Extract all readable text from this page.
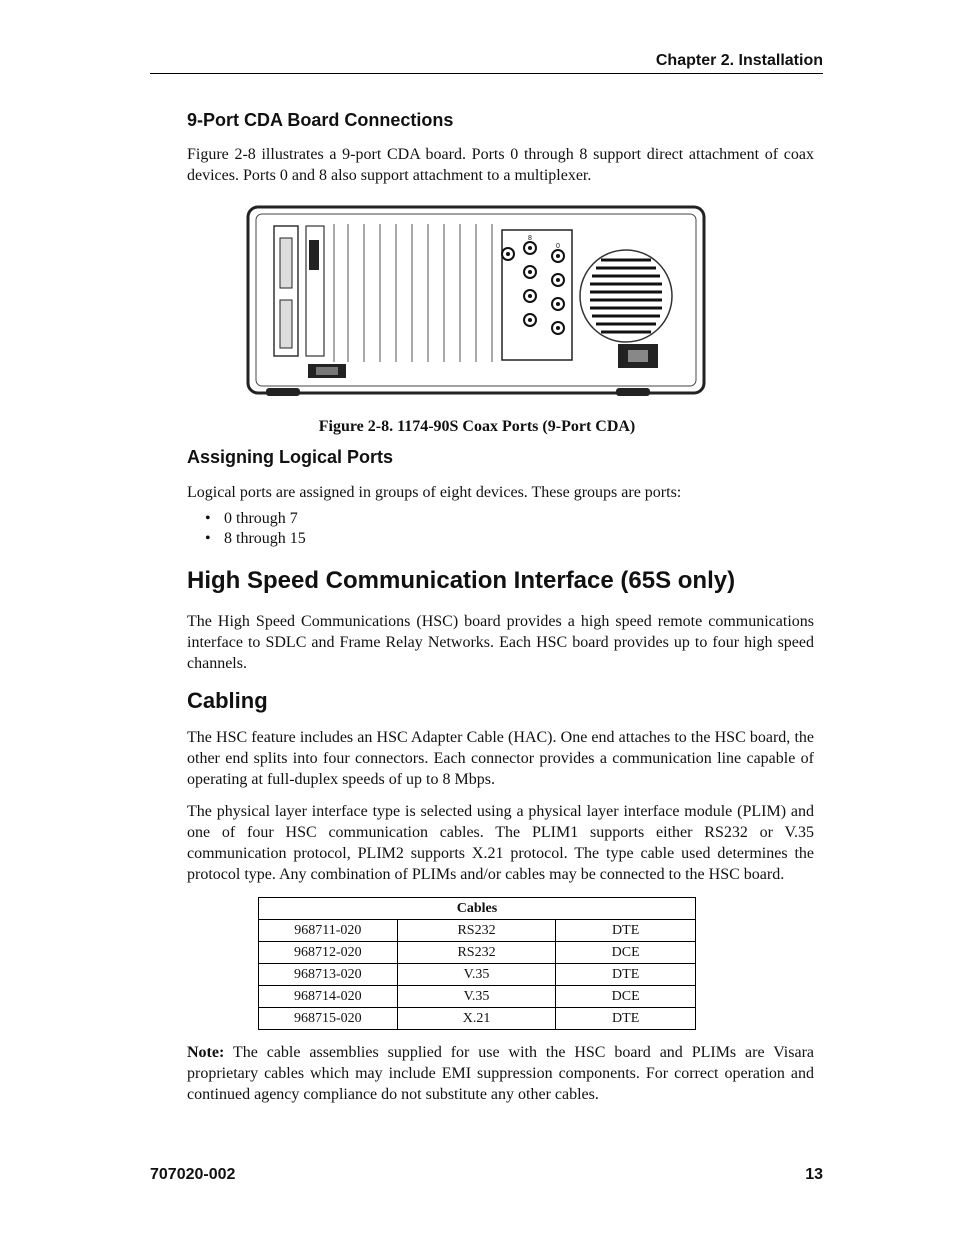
Chapter 2. Installation
9-Port CDA Board Connections
Figure 2-8 illustrates a 9-port CDA board. Ports 0 through 8 support direct attachment of coax devices. Ports 0 and 8 also support attachment to a multiplexer.
8
0
Figure 2-8. 1174-90S Coax Ports (9-Port CDA)
Assigning Logical Ports
Logical ports are assigned in groups of eight devices. These groups are ports:
• 0 through 7
• 8 through 15
High Speed Communication Interface (65S only)
The High Speed Communications (HSC) board provides a high speed remote communications interface to SDLC and Frame Relay Networks. Each HSC board provides up to four high speed channels.
Cabling
The HSC feature includes an HSC Adapter Cable (HAC). One end attaches to the HSC board, the other end splits into four connectors. Each connector provides a communication line capable of operating at full-duplex speeds of up to 8 Mbps.
The physical layer interface type is selected using a physical layer interface module (PLIM) and one of four HSC communication cables. The PLIM1 supports either RS232 or V.35 communication protocol, PLIM2 supports X.21 protocol. The type cable used determines the protocol type. Any combination of PLIMs and/or cables may be connected to the HSC board.
Cables		
968711-020	RS232	DTE
968712-020	RS232	DCE
968713-020	V.35	DTE
968714-020	V.35	DCE
968715-020	X.21	DTE
Note: The cable assemblies supplied for use with the HSC board and PLIMs are Visara proprietary cables which may include EMI suppression components. For correct operation and continued agency compliance do not substitute any other cables.
707020-002	13
